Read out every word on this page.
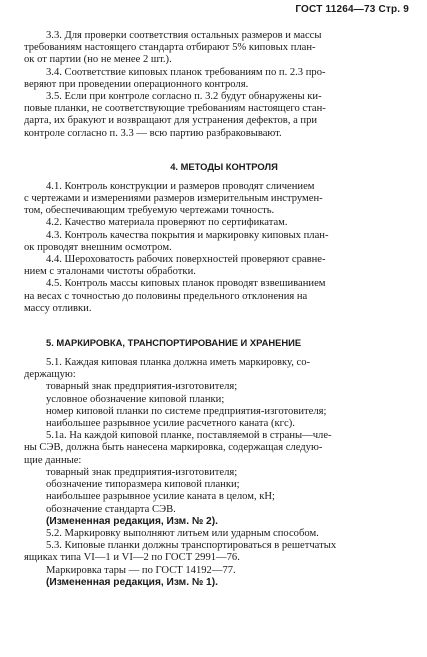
ГОСТ 11264—73 Стр. 9

3.3. Для проверки соответствия остальных размеров и массы

требованиям настоящего стандарта отбирают 5% киповых план-

ок от партии (но не менее 2 шт.).

3.4. Соответствие киповых планок требованиям по п. 2.3 про-

веряют при проведении операционного контроля.

3.5. Если при контроле согласно п. 3.2 будут обнаружены ки-

повые планки, не соответствующие требованиям настоящего стан-

дарта, их бракуют и возвращают для устранения дефектов, а при

контроле согласно п. 3.3 — всю партию разбраковывают.

4. МЕТОДЫ КОНТРОЛЯ

4.1. Контроль конструкции и размеров проводят сличением

с чертежами и измерениями размеров измерительным инструмен-

том, обеспечивающим требуемую чертежами точность.

4.2. Качество материала проверяют по сертификатам.

4.3. Контроль качества покрытия и маркировку киповых план-

ок проводят внешним осмотром.

4.4. Шероховатость рабочих поверхностей проверяют сравне-

нием с эталонами чистоты обработки.

4.5. Контроль массы киповых планок проводят взвешиванием

на весах с точностью до половины предельного отклонения на

массу отливки.

5. МАРКИРОВКА, ТРАНСПОРТИРОВАНИЕ И ХРАНЕНИЕ

5.1. Каждая киповая планка должна иметь маркировку, со-

держащую:

товарный знак предприятия-изготовителя;

условное обозначение киповой планки;

номер киповой планки по системе предприятия-изготовителя;

наибольшее разрывное усилие расчетного каната (кгс).

5.1а. На каждой киповой планке, поставляемой в страны—чле-

ны СЭВ, должна быть нанесена маркировка, содержащая следую-

щие данные:

товарный знак предприятия-изготовителя;

обозначение типоразмера киповой планки;

наибольшее разрывное усилие каната в целом, кН;

обозначение стандарта СЭВ.

(Измененная редакция, Изм. № 2).

5.2. Маркировку выполняют литьем или ударным способом.

5.3. Киповые планки должны транспортироваться в решетчатых

ящиках типа VI—1 и VI—2 по ГОСТ 2991—76.

Маркировка тары — по ГОСТ 14192—77.

(Измененная редакция, Изм. № 1).
